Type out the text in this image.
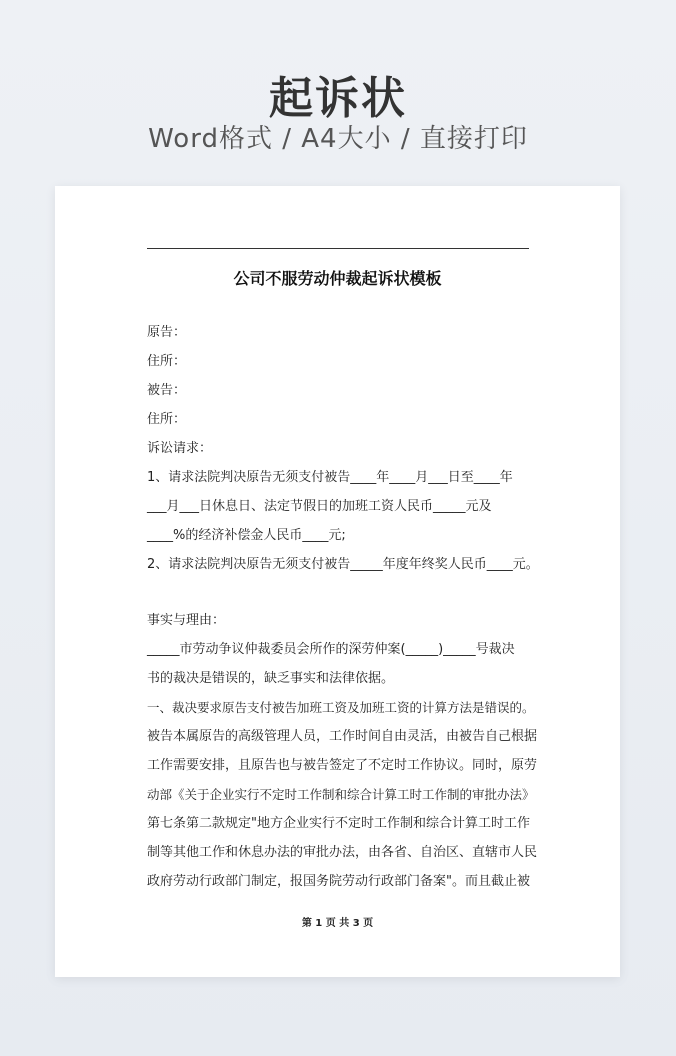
起诉状
Word格式 / A4大小 / 直接打印
公司不服劳动仲裁起诉状模板
原告：
住所：
被告：
住所：
诉讼请求：
1、请求法院判决原告无须支付被告____年____月___日至____年
___月___日休息日、法定节假日的加班工资人民币_____元及
____%的经济补偿金人民币____元;
2、请求法院判决原告无须支付被告_____年度年终奖人民币____元。
事实与理由：
_____市劳动争议仲裁委员会所作的深劳仲案(_____)_____号裁决
书的裁决是错误的，缺乏事实和法律依据。
一、裁决要求原告支付被告加班工资及加班工资的计算方法是错误的。
被告本属原告的高级管理人员，工作时间自由灵活，由被告自己根据
工作需要安排，且原告也与被告签定了不定时工作协议。同时，原劳
动部《关于企业实行不定时工作制和综合计算工时工作制的审批办法》
第七条第二款规定"地方企业实行不定时工作制和综合计算工时工作
制等其他工作和休息办法的审批办法，由各省、自治区、直辖市人民
政府劳动行政部门制定，报国务院劳动行政部门备案"。而且截止被
第 1 页 共 3 页
